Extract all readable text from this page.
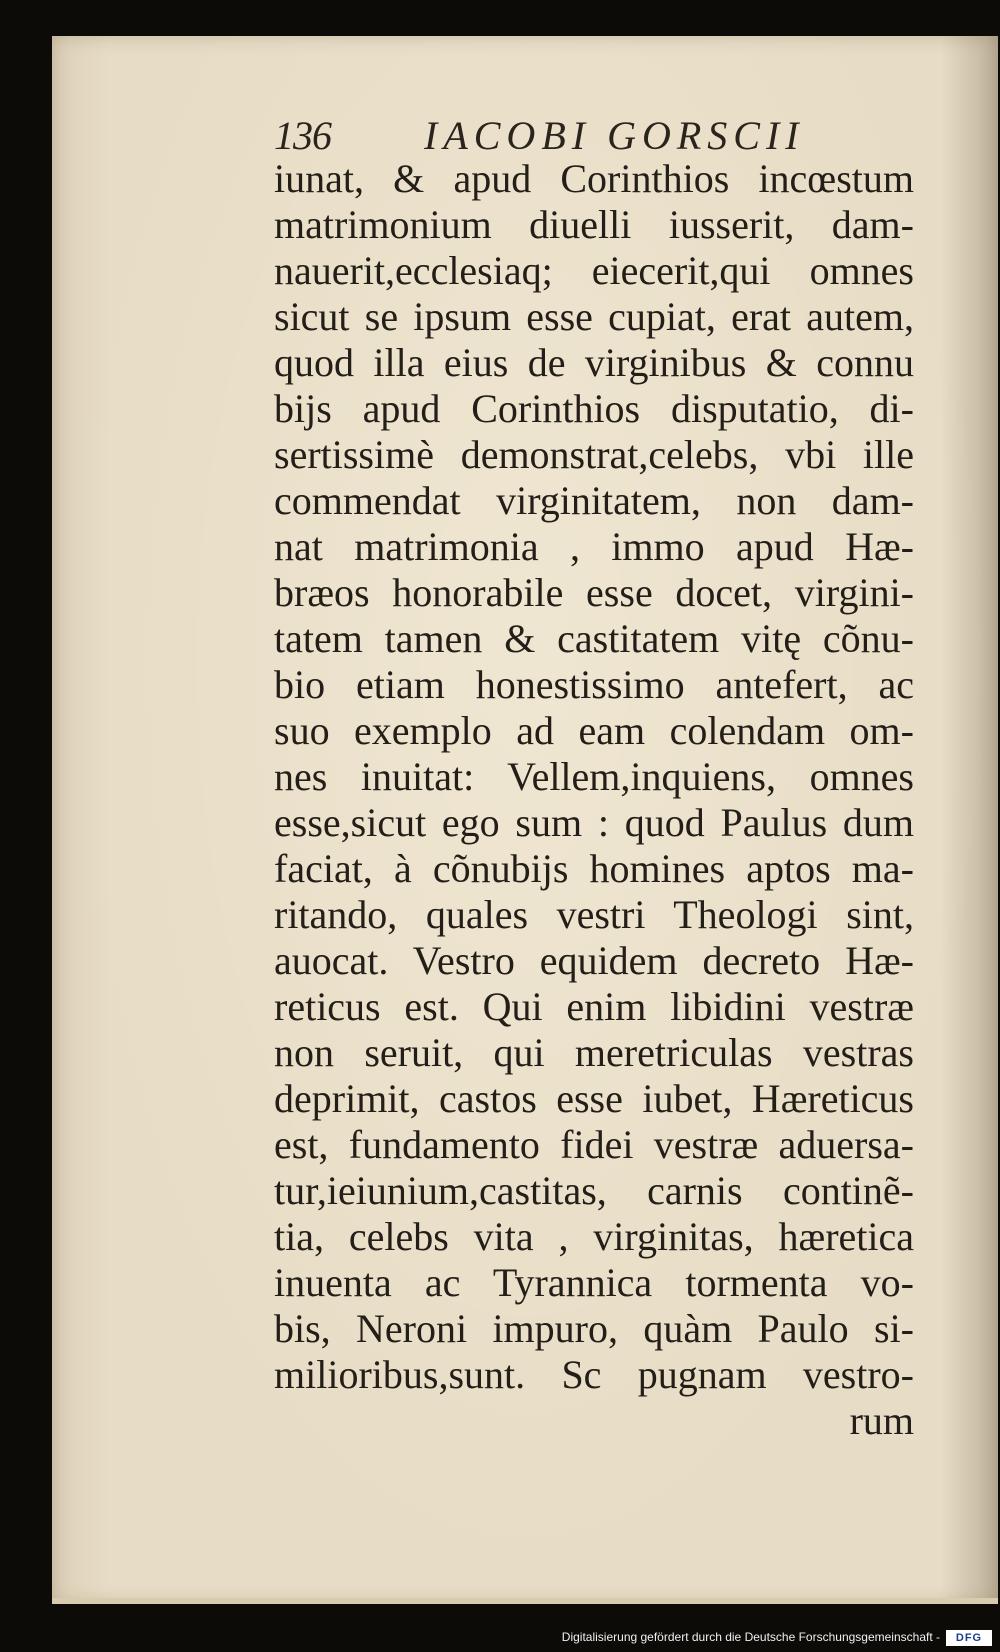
136 IACOBI GORSCII
iunat, & apud Corinthios incœstum
matrimonium diuelli iusserit, dam-
nauerit,ecclesiaq; eiecerit,qui omnes
sicut se ipsum esse cupiat, erat autem,
quod illa eius de virginibus & connu
bijs apud Corinthios disputatio, di-
sertissimè demonstrat,celebs, vbi ille
commendat virginitatem, non dam-
nat matrimonia , immo apud Hæ-
bræos honorabile esse docet, virgini-
tatem tamen & castitatem vitę cõnu-
bio etiam honestissimo antefert, ac
suo exemplo ad eam colendam om-
nes inuitat: Vellem,inquiens, omnes
esse,sicut ego sum : quod Paulus dum
faciat, à cõnubijs homines aptos ma-
ritando, quales vestri Theologi sint,
auocat. Vestro equidem decreto Hæ-
reticus est. Qui enim libidini vestræ
non seruit, qui meretriculas vestras
deprimit, castos esse iubet, Hæreticus
est, fundamento fidei vestræ aduersa-
tur,ieiunium,castitas, carnis continẽ-
tia, celebs vita , virginitas, hæretica
inuenta ac Tyrannica tormenta vo-
bis, Neroni impuro, quàm Paulo si-
milioribus,sunt. Sc pugnam vestro-
rum
Digitalisierung gefördert durch die Deutsche Forschungsgemeinschaft -	DFG
